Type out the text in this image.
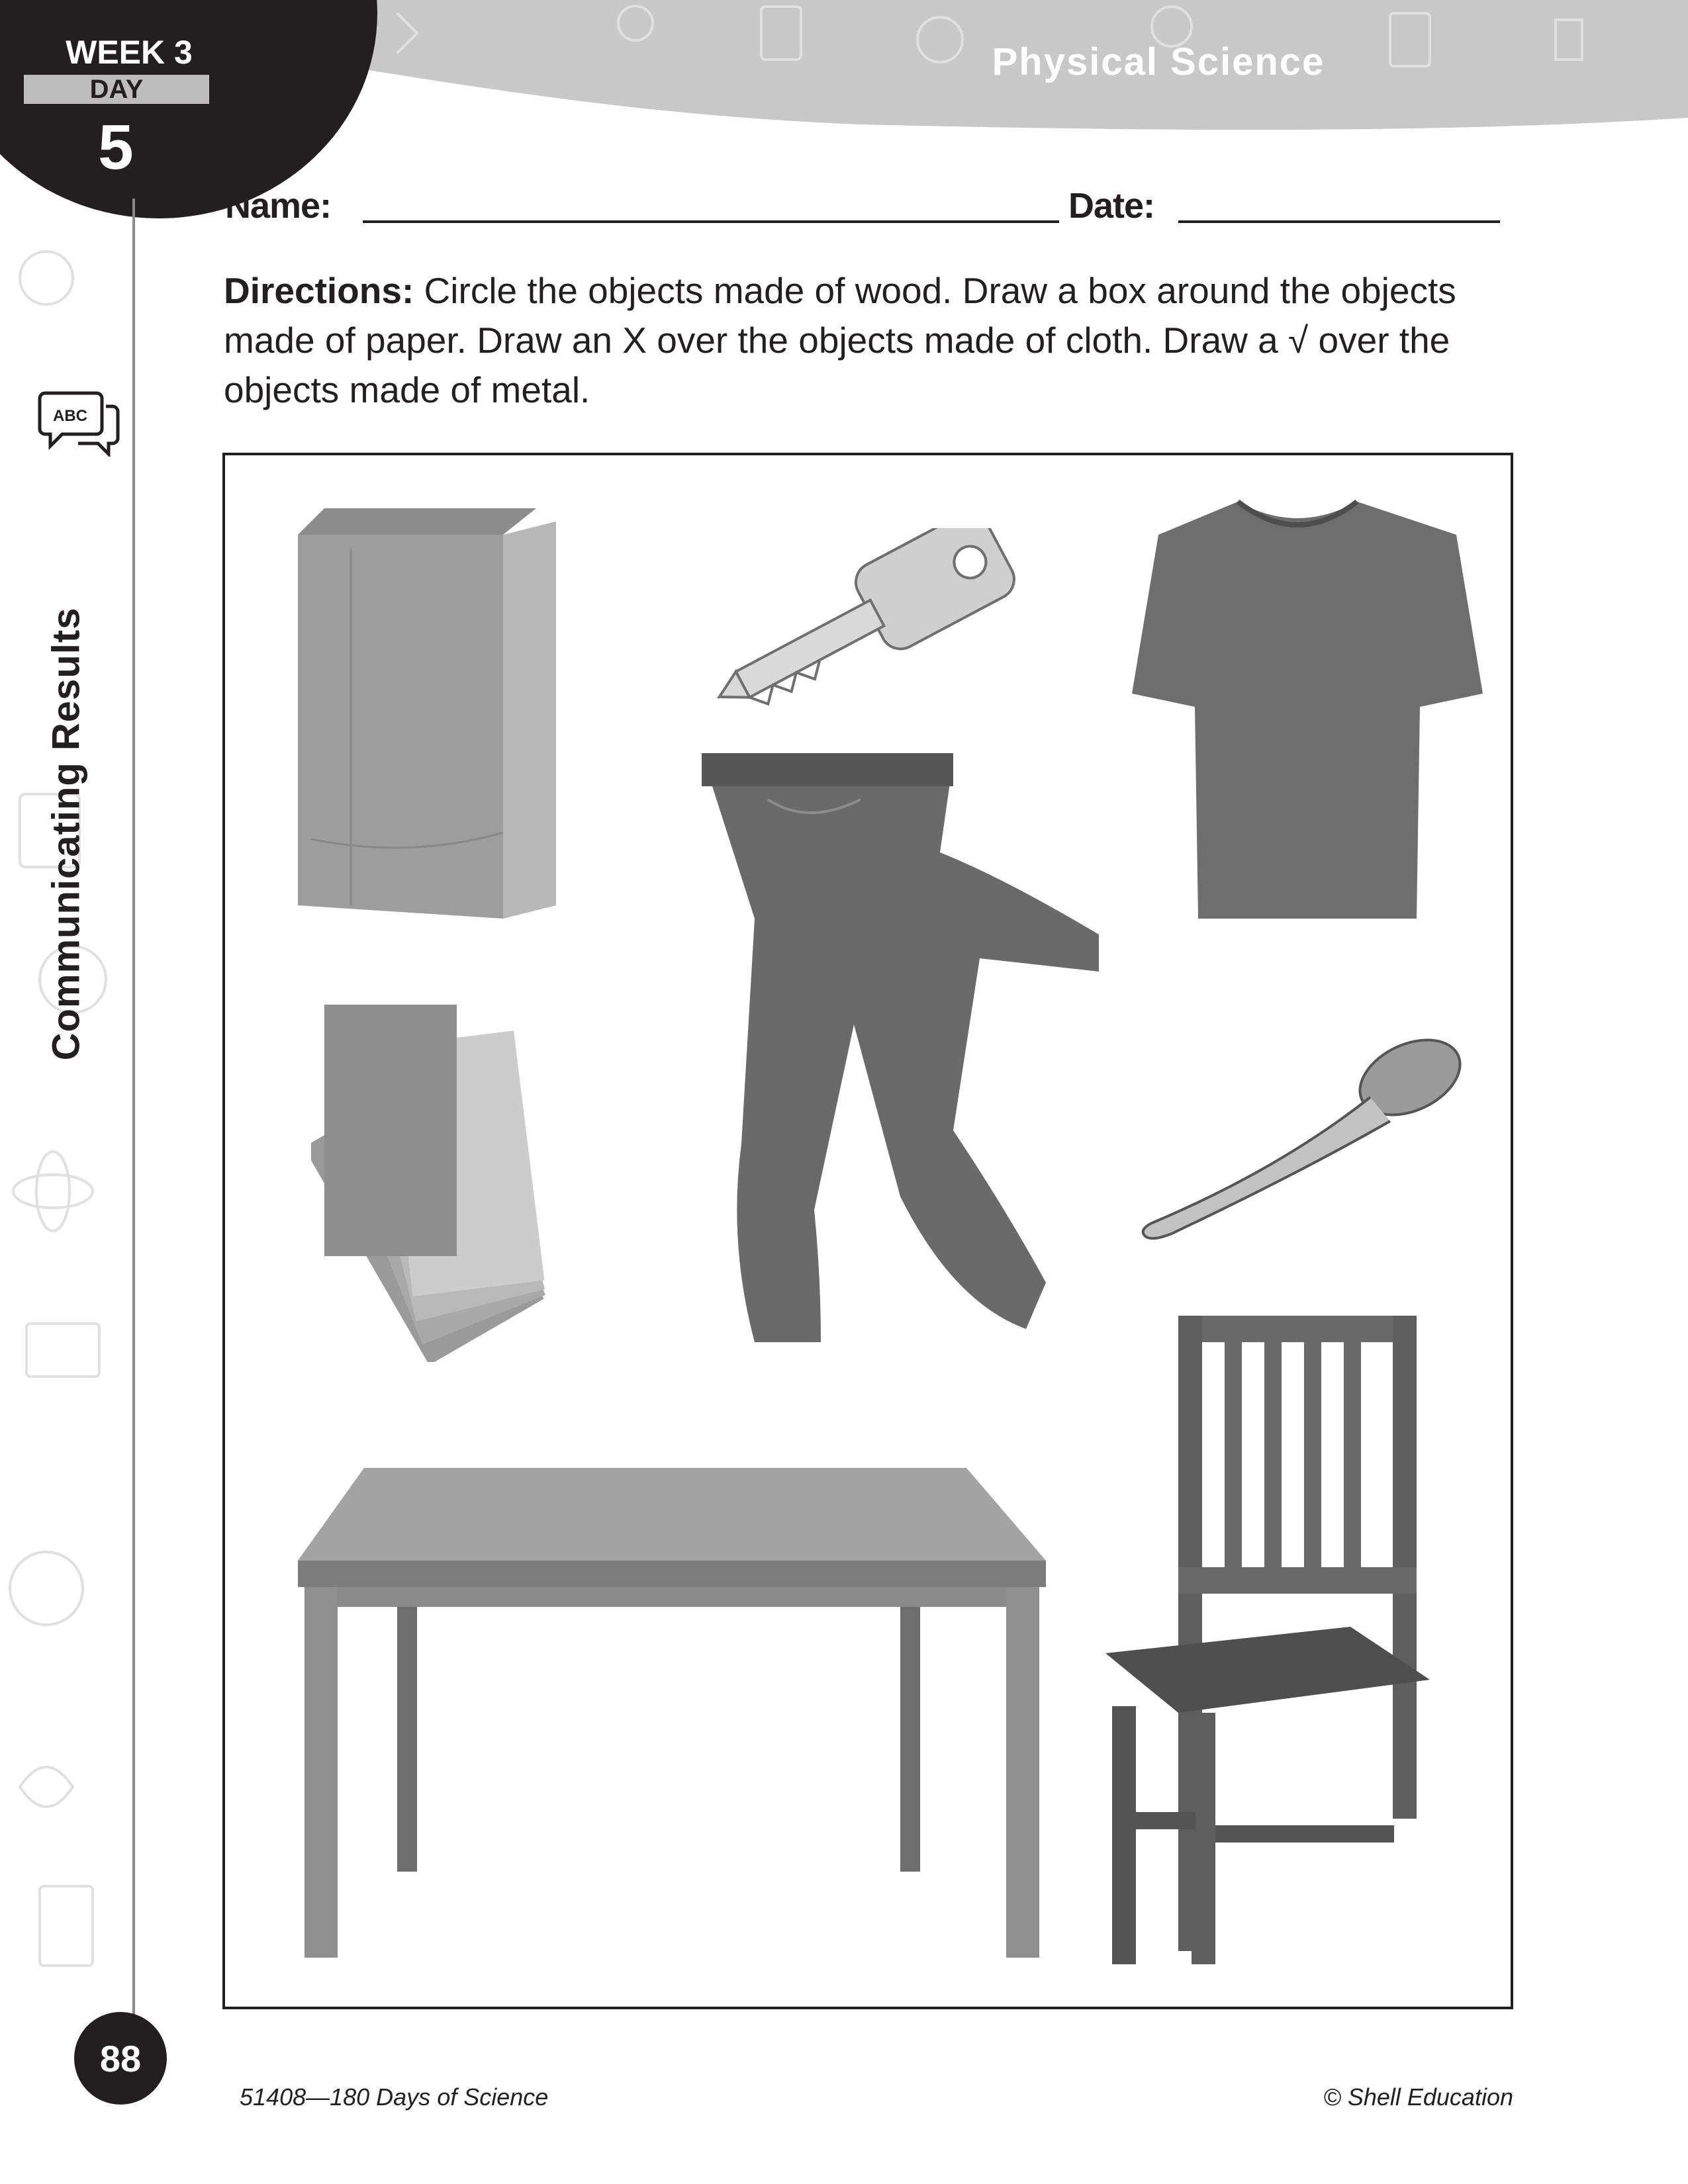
Physical Science
WEEK 3
DAY
5
ABC
Communicating Results
Name:	Date:
Directions: Circle the objects made of wood. Draw a box around the objects made of paper. Draw an X over the objects made of cloth. Draw a √ over the objects made of metal.
88
51408—180 Days of Science	© Shell Education
